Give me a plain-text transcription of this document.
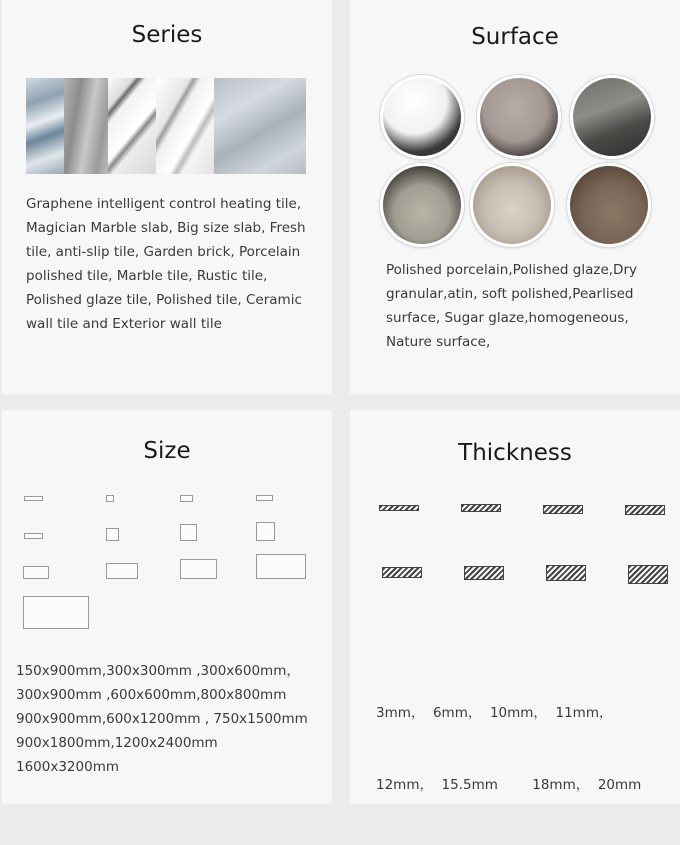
Series
Graphene intelligent control heating tile,
Magician Marble slab, Big size slab, Fresh
tile, anti-slip tile, Garden brick, Porcelain
polished tile, Marble tile, Rustic tile,
Polished glaze tile, Polished tile, Ceramic
wall tile and Exterior wall tile
Surface
Polished porcelain,Polished glaze,Dry
granular,atin, soft polished,Pearlised
surface, Sugar glaze,homogeneous,
Nature surface,
Size
150x900mm,300x300mm ,300x600mm，
300x900mm ,600x600mm,800x800mm
900x900mm,600x1200mm , 750x1500mm
900x1800mm,1200x2400mm
1600x3200mm
Thickness

3mm，  6mm，  10mm，  11mm，

12mm，  15.5mm        18mm，  20mm
